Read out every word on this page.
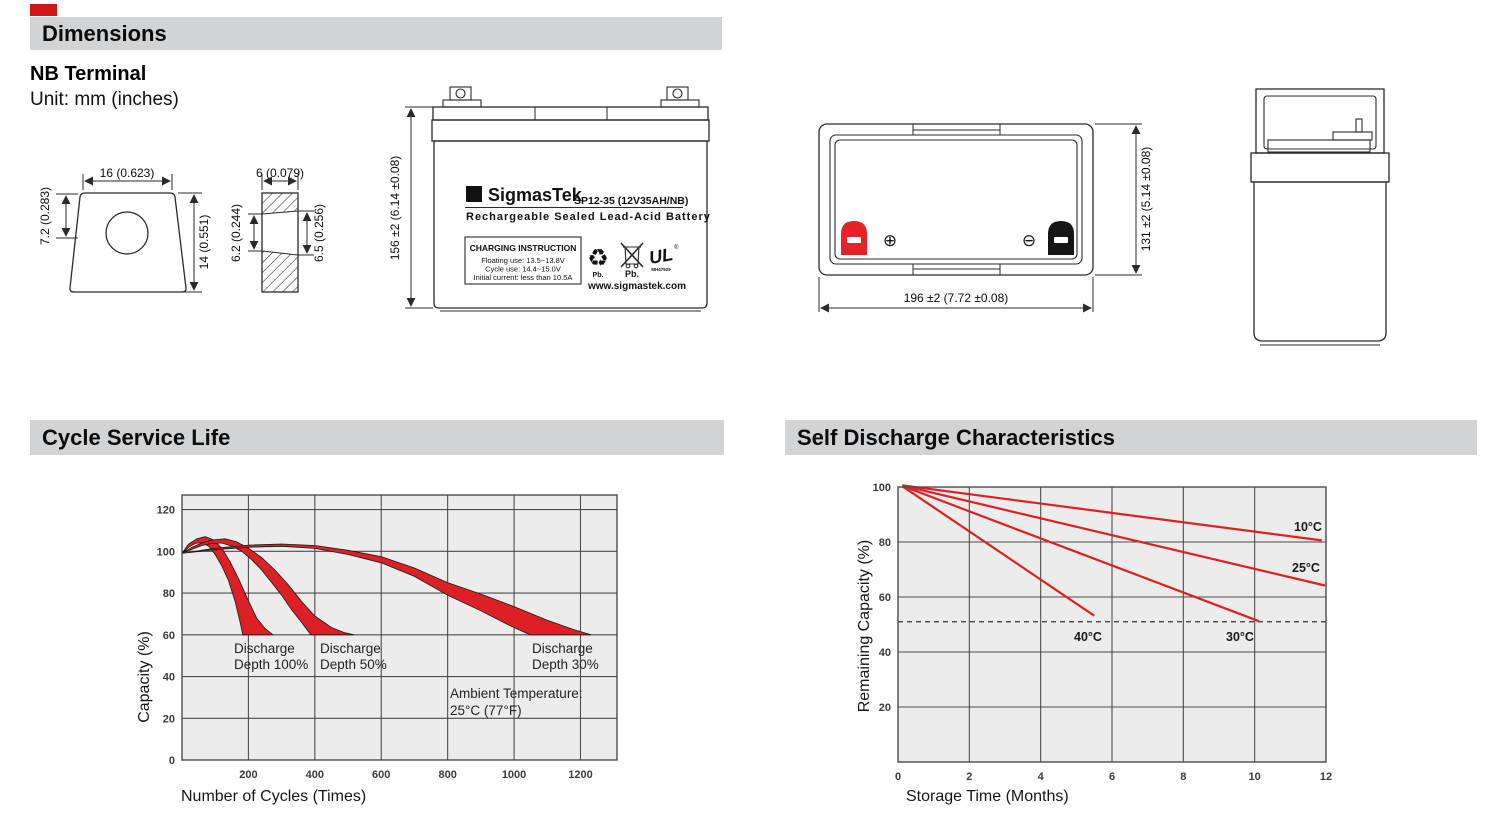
Dimensions
NB Terminal
Unit: mm (inches)
16 (0.623)
7.2 (0.283)	14 (0.551)
6 (0.079)
6.2 (0.244)	6.5 (0.256)	156 ±2 (6.14 ±0.08)	Σ SigmasTek
SP12-35 (12V35AH/NB)
Rechargeable Sealed Lead-Acid Battery
CHARGING INSTRUCTION
Floating use: 13.5~13.8V
Cycle use: 14.4~15.0V
Initial current: less than 10.5A
♻
Pb. Pb.
UL ®
MH47929
www.sigmastek.com
⊕	⊖	131 ±2 (5.14 ±0.08)
196 ±2 (7.72 ±0.08)
Cycle Service Life	Self Discharge Characteristics
0
20
40
60
80
100
120
200	400	600	800	1000	1200
Capacity (%)
Number of Cycles (Times)
Discharge
Depth 100%
Discharge
Depth 50%
Discharge
Depth 30%
Ambient Temperature:
25°C (77°F)	20
40
60
80
100
0	2	4	6	8	10	12
Remaining Capacity (%)
Storage Time (Months)
10°C
25°C
30°C
40°C
